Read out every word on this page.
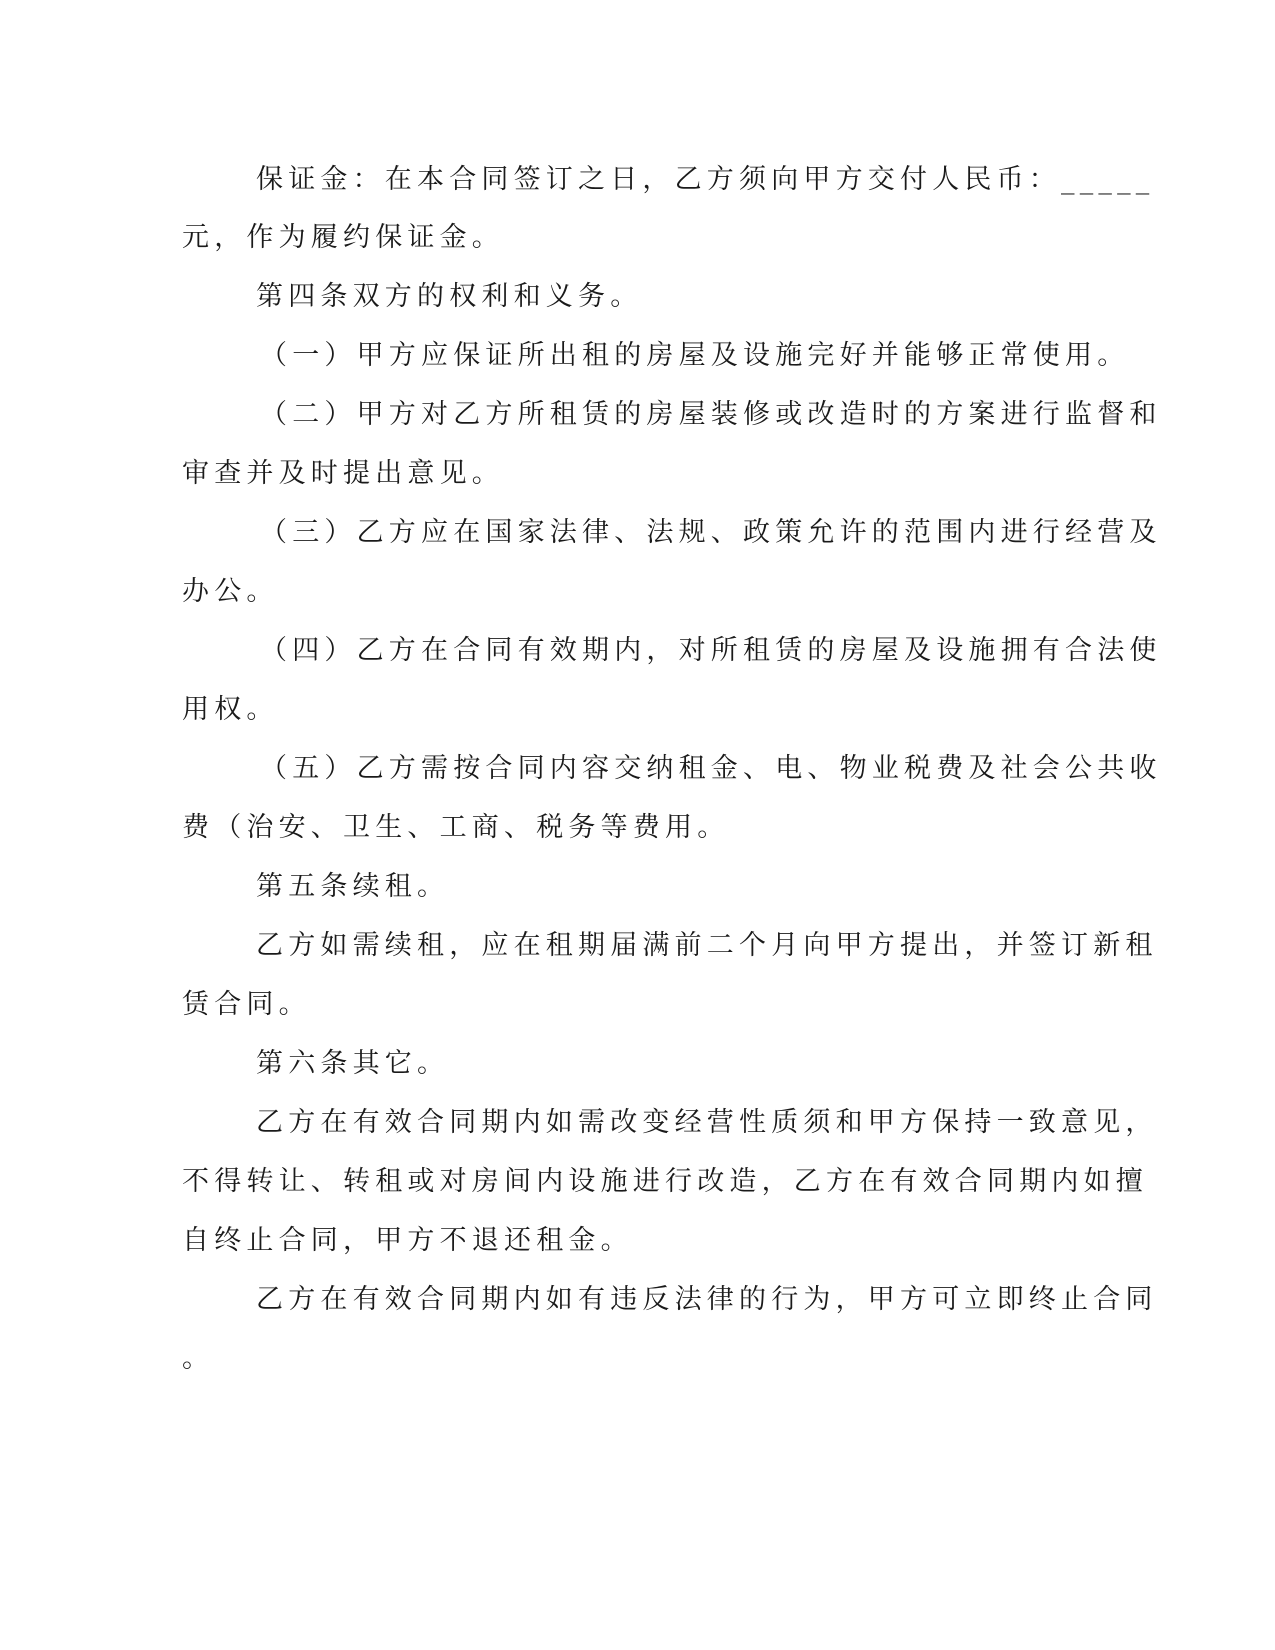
保证金：在本合同签订之日，乙方须向甲方交付人民币：_____
元，作为履约保证金。
第四条双方的权利和义务。
（一）甲方应保证所出租的房屋及设施完好并能够正常使用。
（二）甲方对乙方所租赁的房屋装修或改造时的方案进行监督和
审查并及时提出意见。
（三）乙方应在国家法律、法规、政策允许的范围内进行经营及
办公。
（四）乙方在合同有效期内，对所租赁的房屋及设施拥有合法使
用权。
（五）乙方需按合同内容交纳租金、电、物业税费及社会公共收
费（治安、卫生、工商、税务等费用。
第五条续租。
乙方如需续租，应在租期届满前二个月向甲方提出，并签订新租
赁合同。
第六条其它。
乙方在有效合同期内如需改变经营性质须和甲方保持一致意见，
不得转让、转租或对房间内设施进行改造，乙方在有效合同期内如擅
自终止合同，甲方不退还租金。
乙方在有效合同期内如有违反法律的行为，甲方可立即终止合同
。
